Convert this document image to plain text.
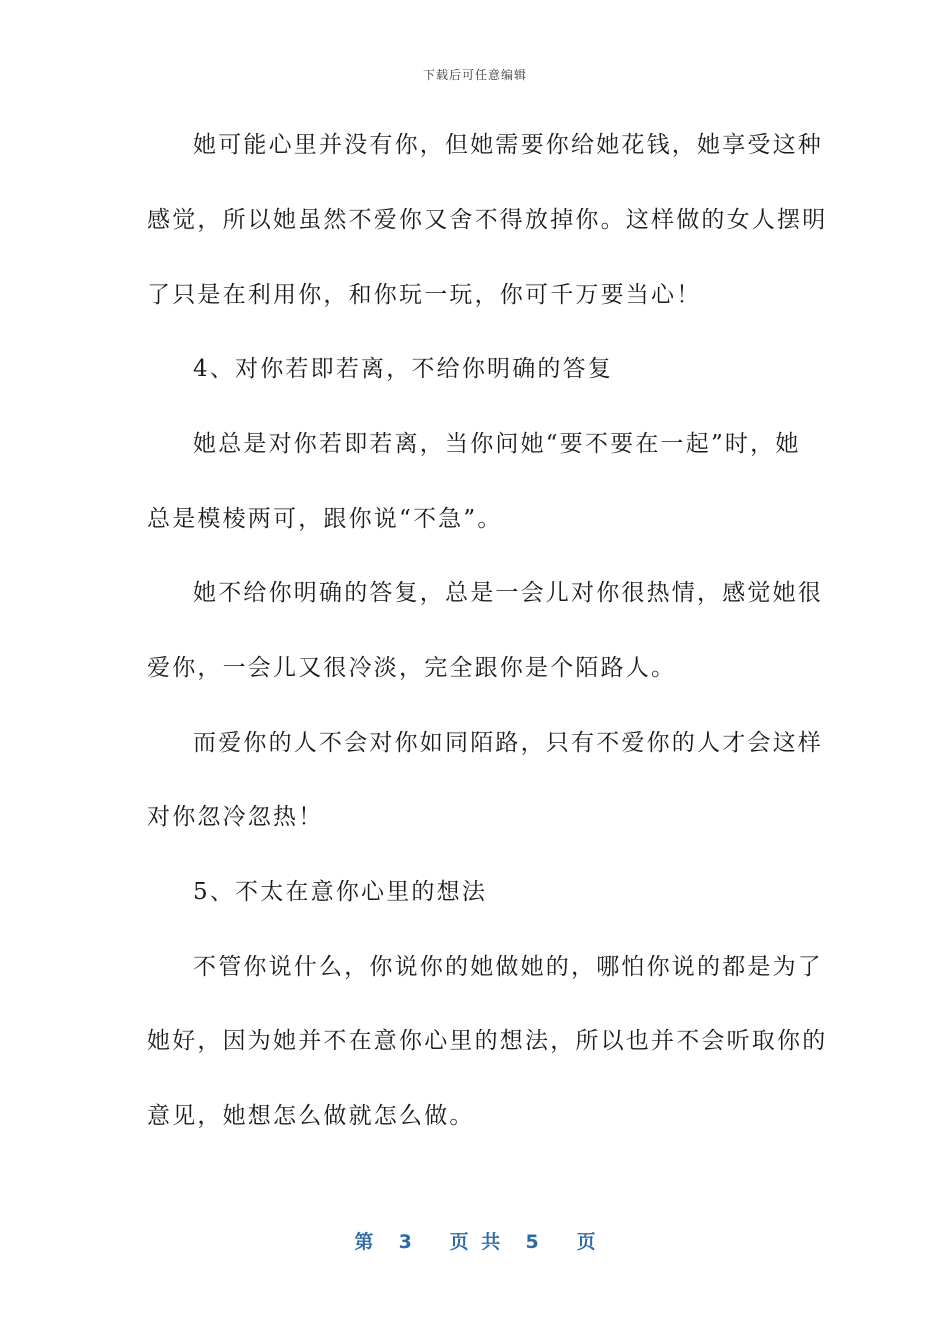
下载后可任意编辑
她可能心里并没有你，但她需要你给她花钱，她享受这种
感觉，所以她虽然不爱你又舍不得放掉你。这样做的女人摆明
了只是在利用你，和你玩一玩，你可千万要当心！
4、对你若即若离，不给你明确的答复
她总是对你若即若离，当你问她“要不要在一起”时，她
总是模棱两可，跟你说“不急”。
她不给你明确的答复，总是一会儿对你很热情，感觉她很
爱你，一会儿又很冷淡，完全跟你是个陌路人。
而爱你的人不会对你如同陌路，只有不爱你的人才会这样
对你忽冷忽热！
5、不太在意你心里的想法
不管你说什么，你说你的她做她的，哪怕你说的都是为了
她好，因为她并不在意你心里的想法，所以也并不会听取你的
意见，她想怎么做就怎么做。
第  3   页 共  5   页
